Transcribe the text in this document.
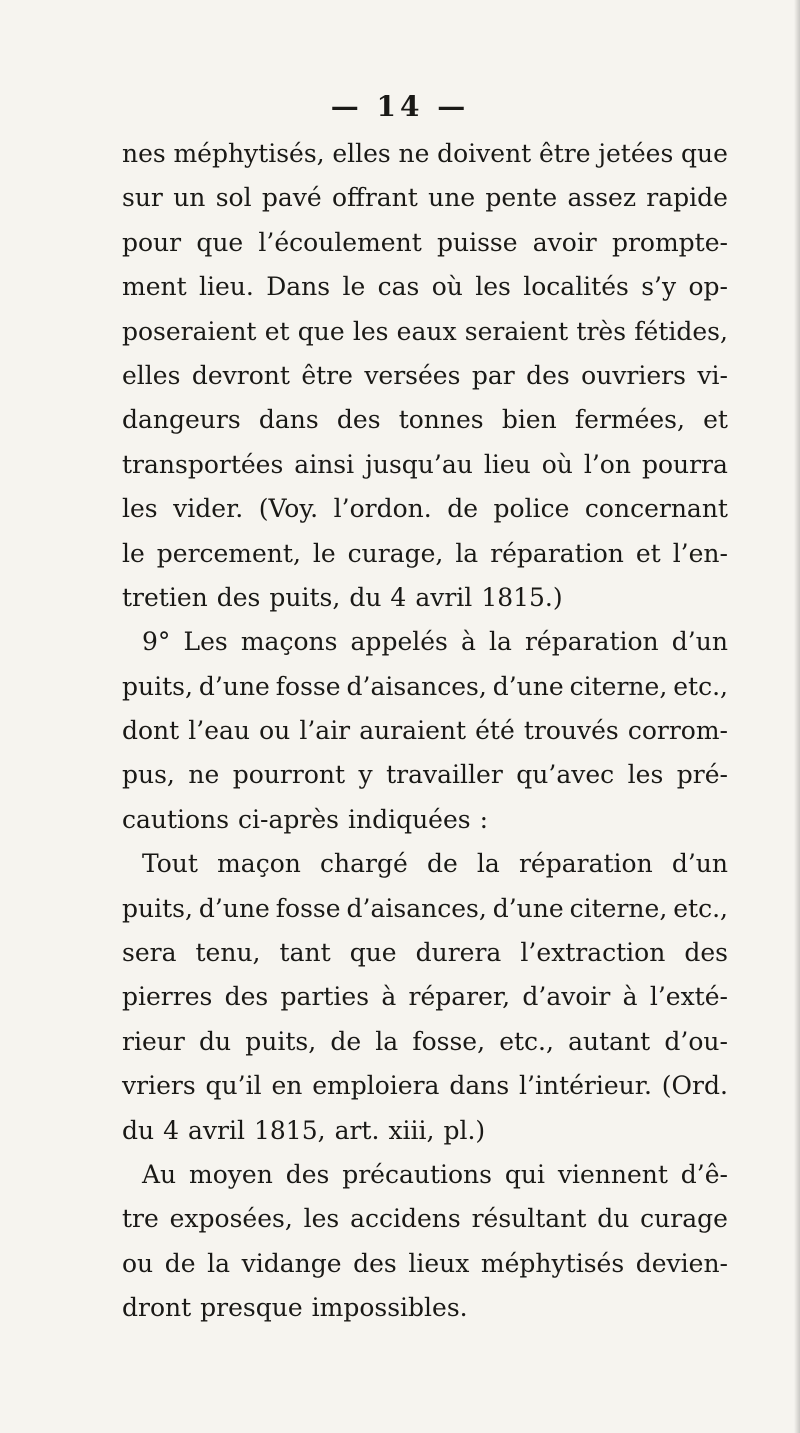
— 14 —
nes méphytisés, elles ne doivent être jetées que
sur un sol pavé offrant une pente assez rapide
pour que l’écoulement puisse avoir prompte-
ment lieu. Dans le cas où les localités s’y op-
poseraient et que les eaux seraient très fétides,
elles devront être versées par des ouvriers vi-
dangeurs dans des tonnes bien fermées, et
transportées ainsi jusqu’au lieu où l’on pourra
les vider. (Voy. l’ordon. de police concernant
le percement, le curage, la réparation et l’en-
tretien des puits, du 4 avril 1815.)
9° Les maçons appelés à la réparation d’un
puits, d’une fosse d’aisances, d’une citerne, etc.,
dont l’eau ou l’air auraient été trouvés corrom-
pus, ne pourront y travailler qu’avec les pré-
cautions ci-après indiquées :
Tout maçon chargé de la réparation d’un
puits, d’une fosse d’aisances, d’une citerne, etc.,
sera tenu, tant que durera l’extraction des
pierres des parties à réparer, d’avoir à l’exté-
rieur du puits, de la fosse, etc., autant d’ou-
vriers qu’il en emploiera dans l’intérieur. (Ord.
du 4 avril 1815, art. xiii, pl.)
Au moyen des précautions qui viennent d’ê-
tre exposées, les accidens résultant du curage
ou de la vidange des lieux méphytisés devien-
dront presque impossibles.
